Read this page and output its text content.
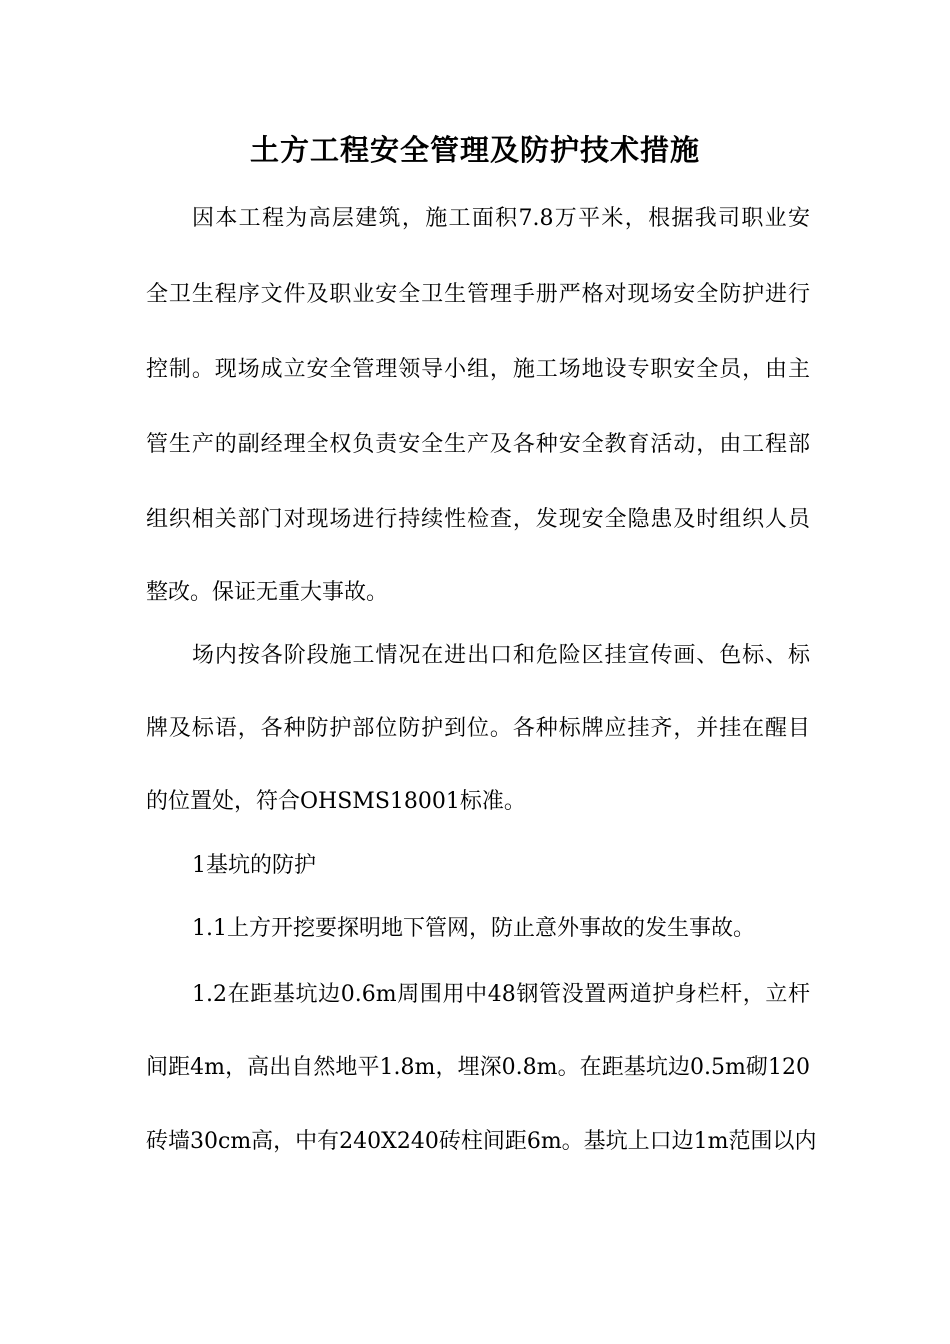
土方工程安全管理及防护技术措施

因本工程为高层建筑，施工面积7.8万平米，根据我司职业安

全卫生程序文件及职业安全卫生管理手册严格对现场安全防护进行

控制。现场成立安全管理领导小组，施工场地设专职安全员，由主

管生产的副经理全权负责安全生产及各种安全教育活动，由工程部

组织相关部门对现场进行持续性检查，发现安全隐患及时组织人员

整改。保证无重大事故。

场内按各阶段施工情况在进出口和危险区挂宣传画、色标、标

牌及标语，各种防护部位防护到位。各种标牌应挂齐，并挂在醒目

的位置处，符合OHSMS18001标准。

1基坑的防护

1.1上方开挖要探明地下管网，防止意外事故的发生事故。

1.2在距基坑边0.6m周围用中48钢管没置两道护身栏杆，立杆

间距4m，高出自然地平1.8m，埋深0.8m。在距基坑边0.5m砌120

砖墙30cm高，中有240X240砖柱间距6m。基坑上口边1m范围以内
